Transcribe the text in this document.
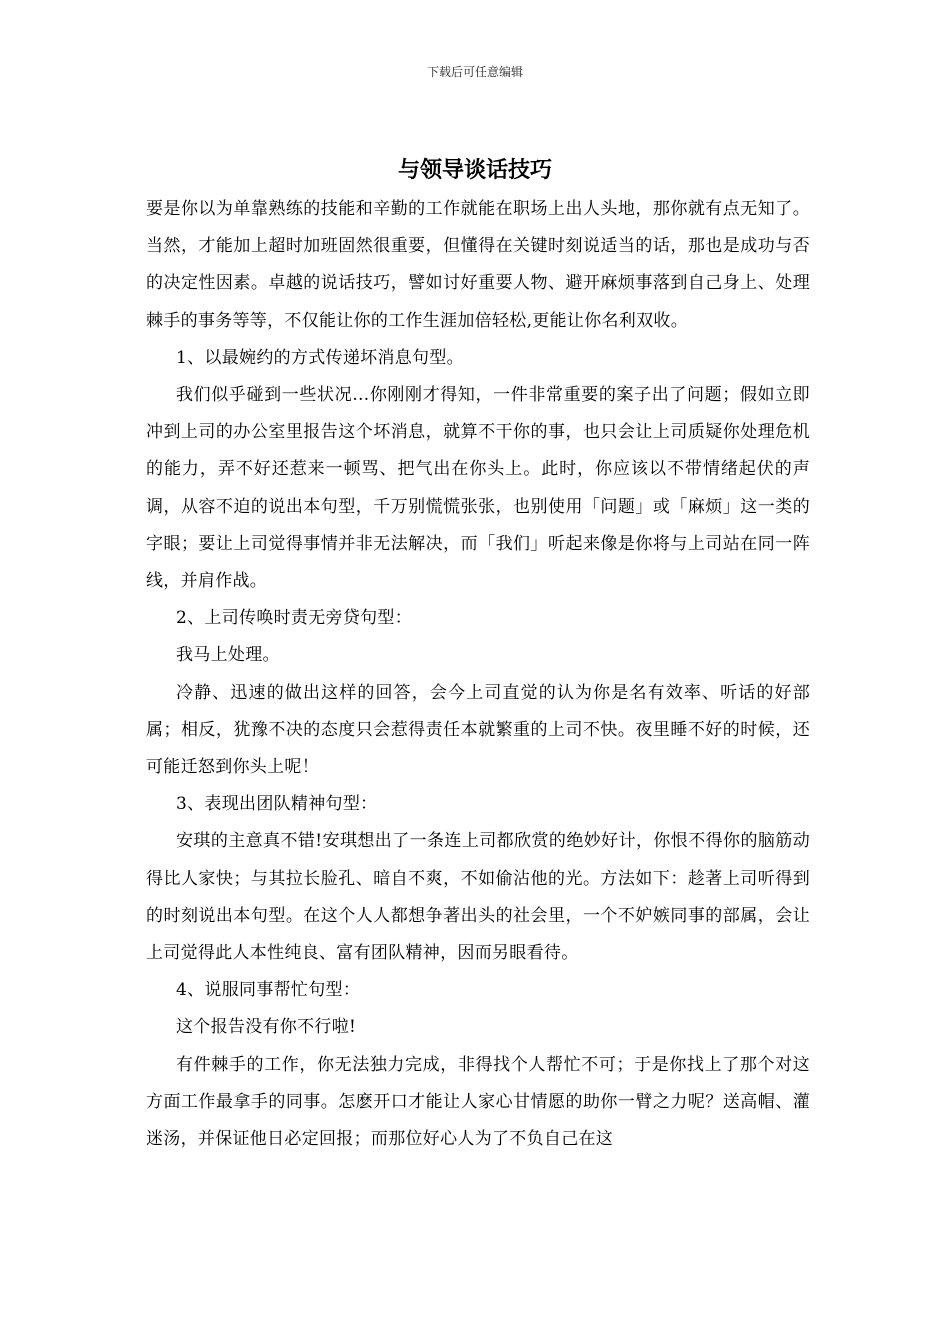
下载后可任意编辑
与领导谈话技巧

要是你以为单靠熟练的技能和辛勤的工作就能在职场上出人头地，那你就有点无知了。当然，才能加上超时加班固然很重要，但懂得在关键时刻说适当的话，那也是成功与否的决定性因素。卓越的说话技巧，譬如讨好重要人物、避开麻烦事落到自己身上、处理棘手的事务等等，不仅能让你的工作生涯加倍轻松,更能让你名利双收。

1、以最婉约的方式传递坏消息句型。

我们似乎碰到一些状况…你刚刚才得知，一件非常重要的案子出了问题；假如立即冲到上司的办公室里报告这个坏消息，就算不干你的事，也只会让上司质疑你处理危机的能力，弄不好还惹来一顿骂、把气出在你头上。此时，你应该以不带情绪起伏的声调，从容不迫的说出本句型，千万别慌慌张张，也别使用「问题」或「麻烦」这一类的字眼；要让上司觉得事情并非无法解决，而「我们」听起来像是你将与上司站在同一阵线，并肩作战。

2、上司传唤时责无旁贷句型：

我马上处理。

冷静、迅速的做出这样的回答，会今上司直觉的认为你是名有效率、听话的好部属；相反，犹豫不决的态度只会惹得责任本就繁重的上司不快。夜里睡不好的时候，还可能迁怒到你头上呢！

3、表现出团队精神句型：

安琪的主意真不错!安琪想出了一条连上司都欣赏的绝妙好计，你恨不得你的脑筋动得比人家快；与其拉长脸孔、暗自不爽，不如偷沾他的光。方法如下：趁著上司听得到的时刻说出本句型。在这个人人都想争著出头的社会里，一个不妒嫉同事的部属，会让上司觉得此人本性纯良、富有团队精神，因而另眼看待。

4、说服同事帮忙句型：

这个报告没有你不行啦!

有件棘手的工作，你无法独力完成，非得找个人帮忙不可；于是你找上了那个对这方面工作最拿手的同事。怎麽开口才能让人家心甘情愿的助你一臂之力呢？送高帽、灌迷汤，并保证他日必定回报；而那位好心人为了不负自己在这
